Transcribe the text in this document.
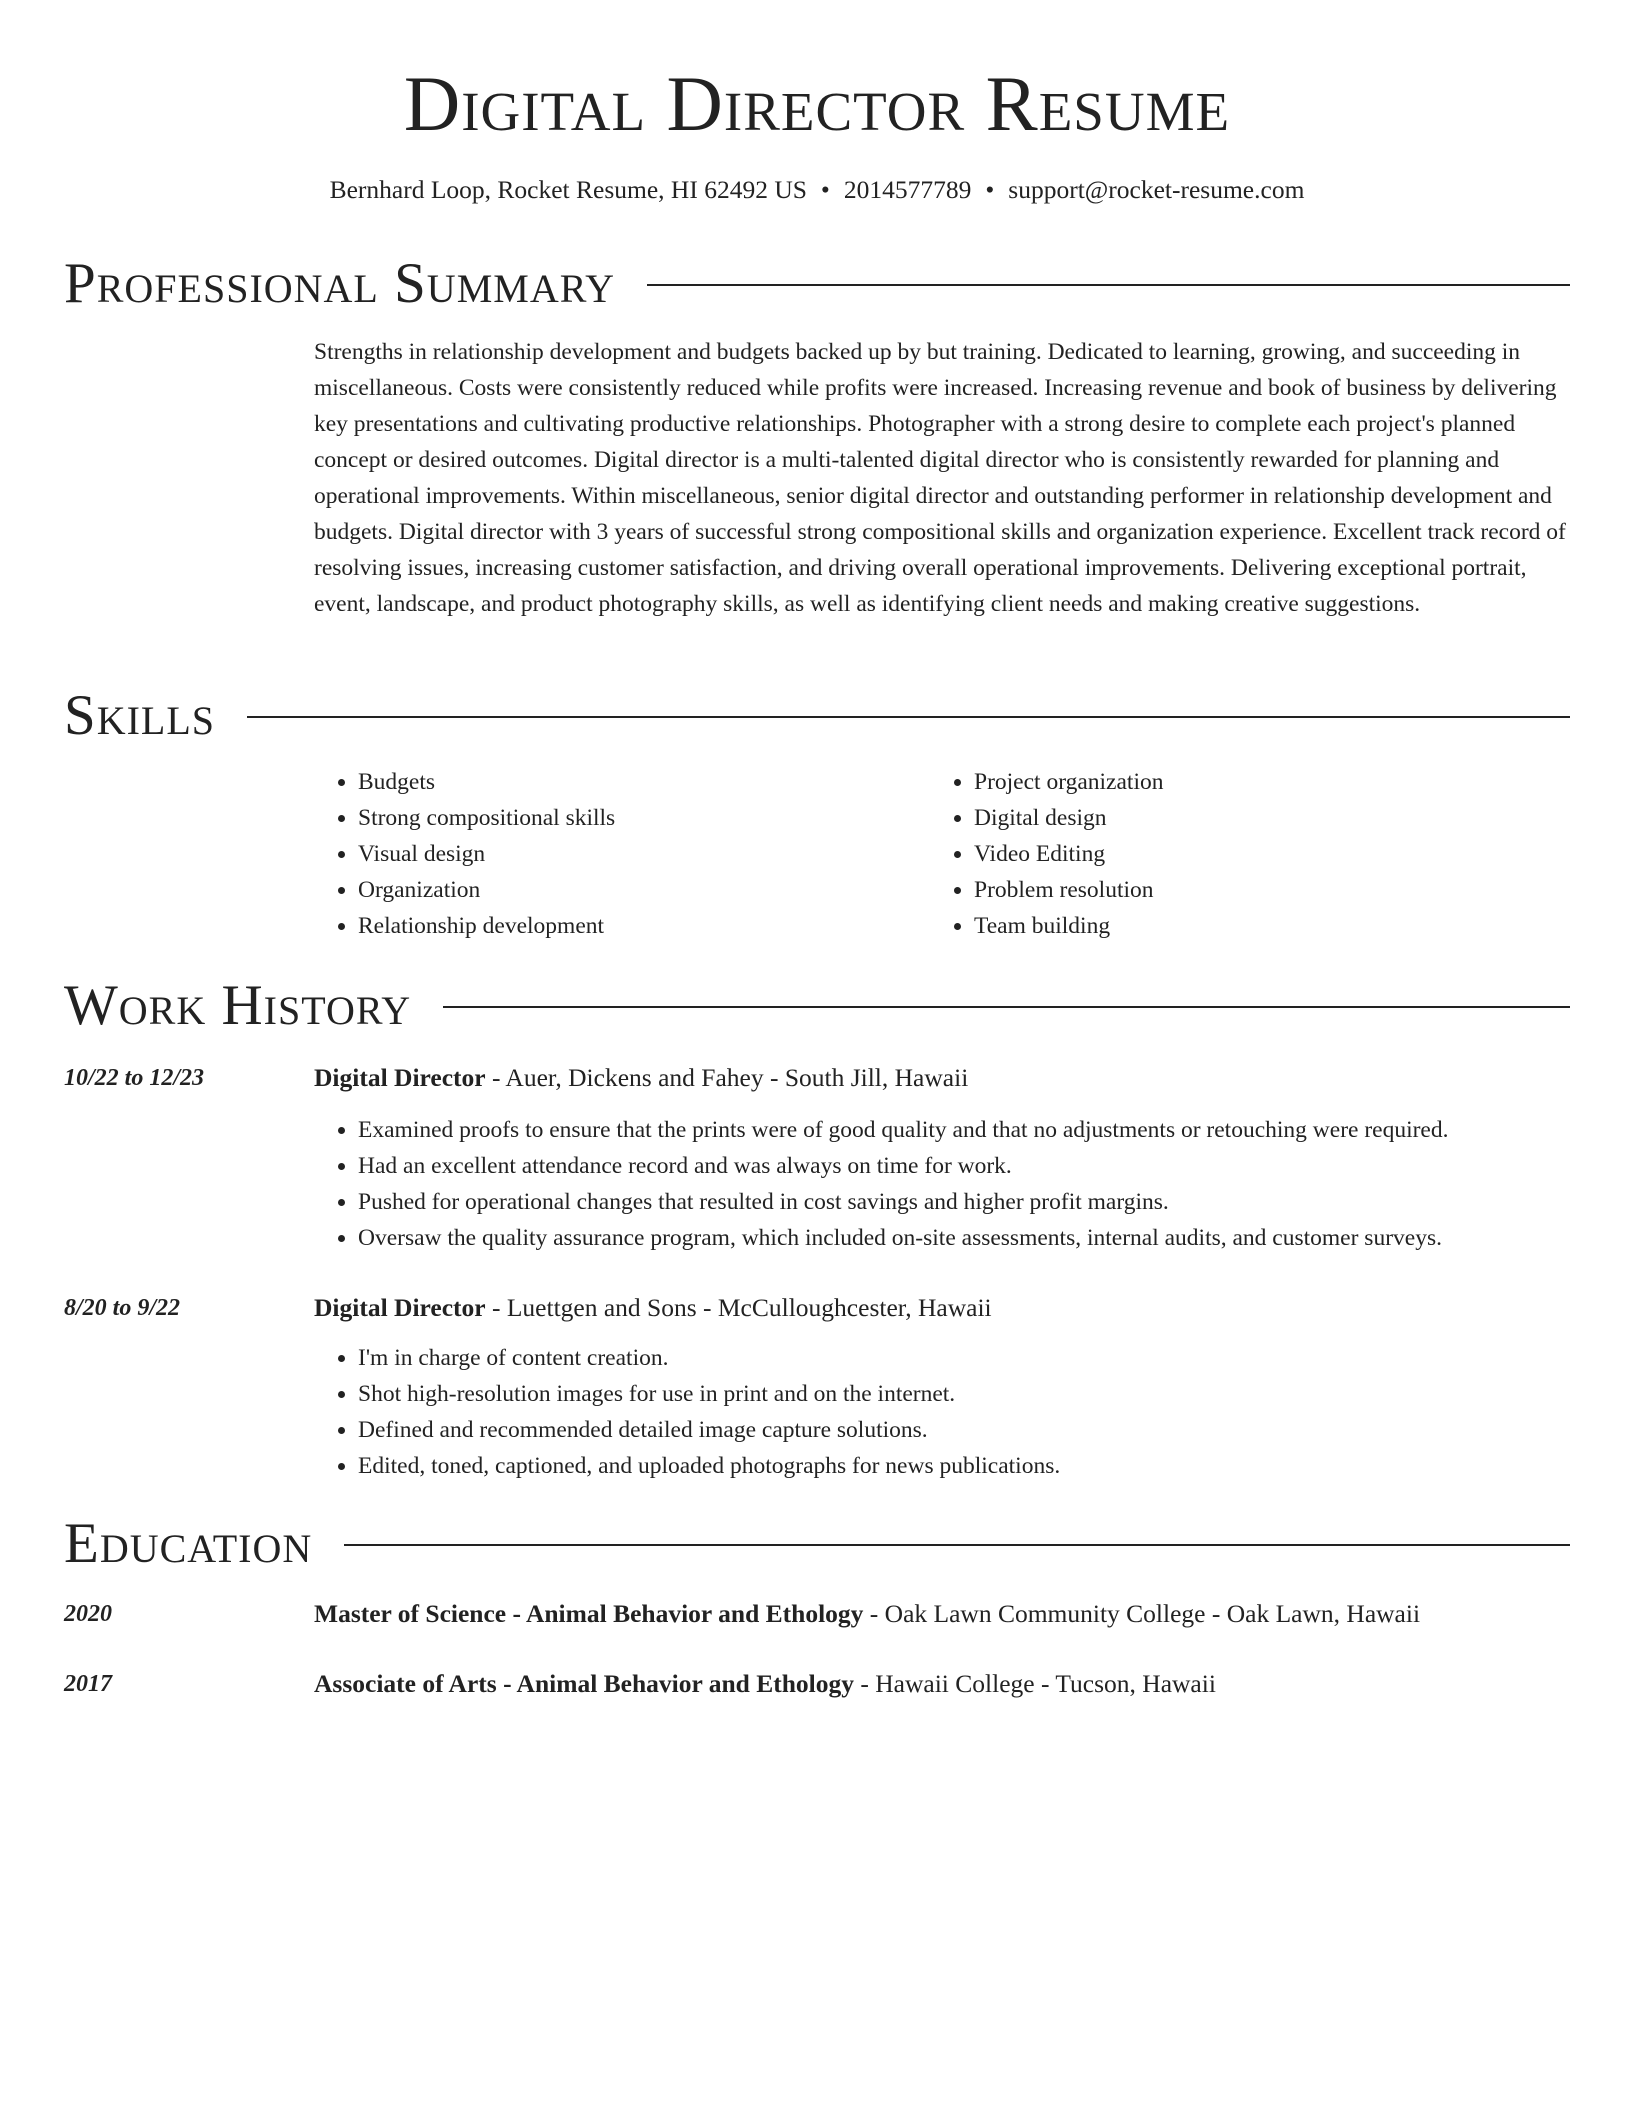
Digital Director Resume
Bernhard Loop, Rocket Resume, HI 62492 US • 2014577789 • support@rocket-resume.com
Professional Summary

Strengths in relationship development and budgets backed up by but training. Dedicated to learning, growing, and succeeding in miscellaneous. Costs were consistently reduced while profits were increased. Increasing revenue and book of business by delivering key presentations and cultivating productive relationships. Photographer with a strong desire to complete each project's planned concept or desired outcomes. Digital director is a multi-talented digital director who is consistently rewarded for planning and operational improvements. Within miscellaneous, senior digital director and outstanding performer in relationship development and budgets. Digital director with 3 years of successful strong compositional skills and organization experience. Excellent track record of resolving issues, increasing customer satisfaction, and driving overall operational improvements. Delivering exceptional portrait, event, landscape, and product photography skills, as well as identifying client needs and making creative suggestions.

Skills
• Budgets
• Strong compositional skills
• Visual design
• Organization
• Relationship development
• Project organization
• Digital design
• Video Editing
• Problem resolution
• Team building
Work History
10/22 to 12/23	Digital Director - Auer, Dickens and Fahey - South Jill, Hawaii
• Examined proofs to ensure that the prints were of good quality and that no adjustments or retouching were required.
• Had an excellent attendance record and was always on time for work.
• Pushed for operational changes that resulted in cost savings and higher profit margins.
• Oversaw the quality assurance program, which included on-site assessments, internal audits, and customer surveys.
8/20 to 9/22	Digital Director - Luettgen and Sons - McCulloughcester, Hawaii
• I'm in charge of content creation.
• Shot high-resolution images for use in print and on the internet.
• Defined and recommended detailed image capture solutions.
• Edited, toned, captioned, and uploaded photographs for news publications.
Education
2020	Master of Science - Animal Behavior and Ethology - Oak Lawn Community College - Oak Lawn, Hawaii
2017	Associate of Arts - Animal Behavior and Ethology - Hawaii College - Tucson, Hawaii
